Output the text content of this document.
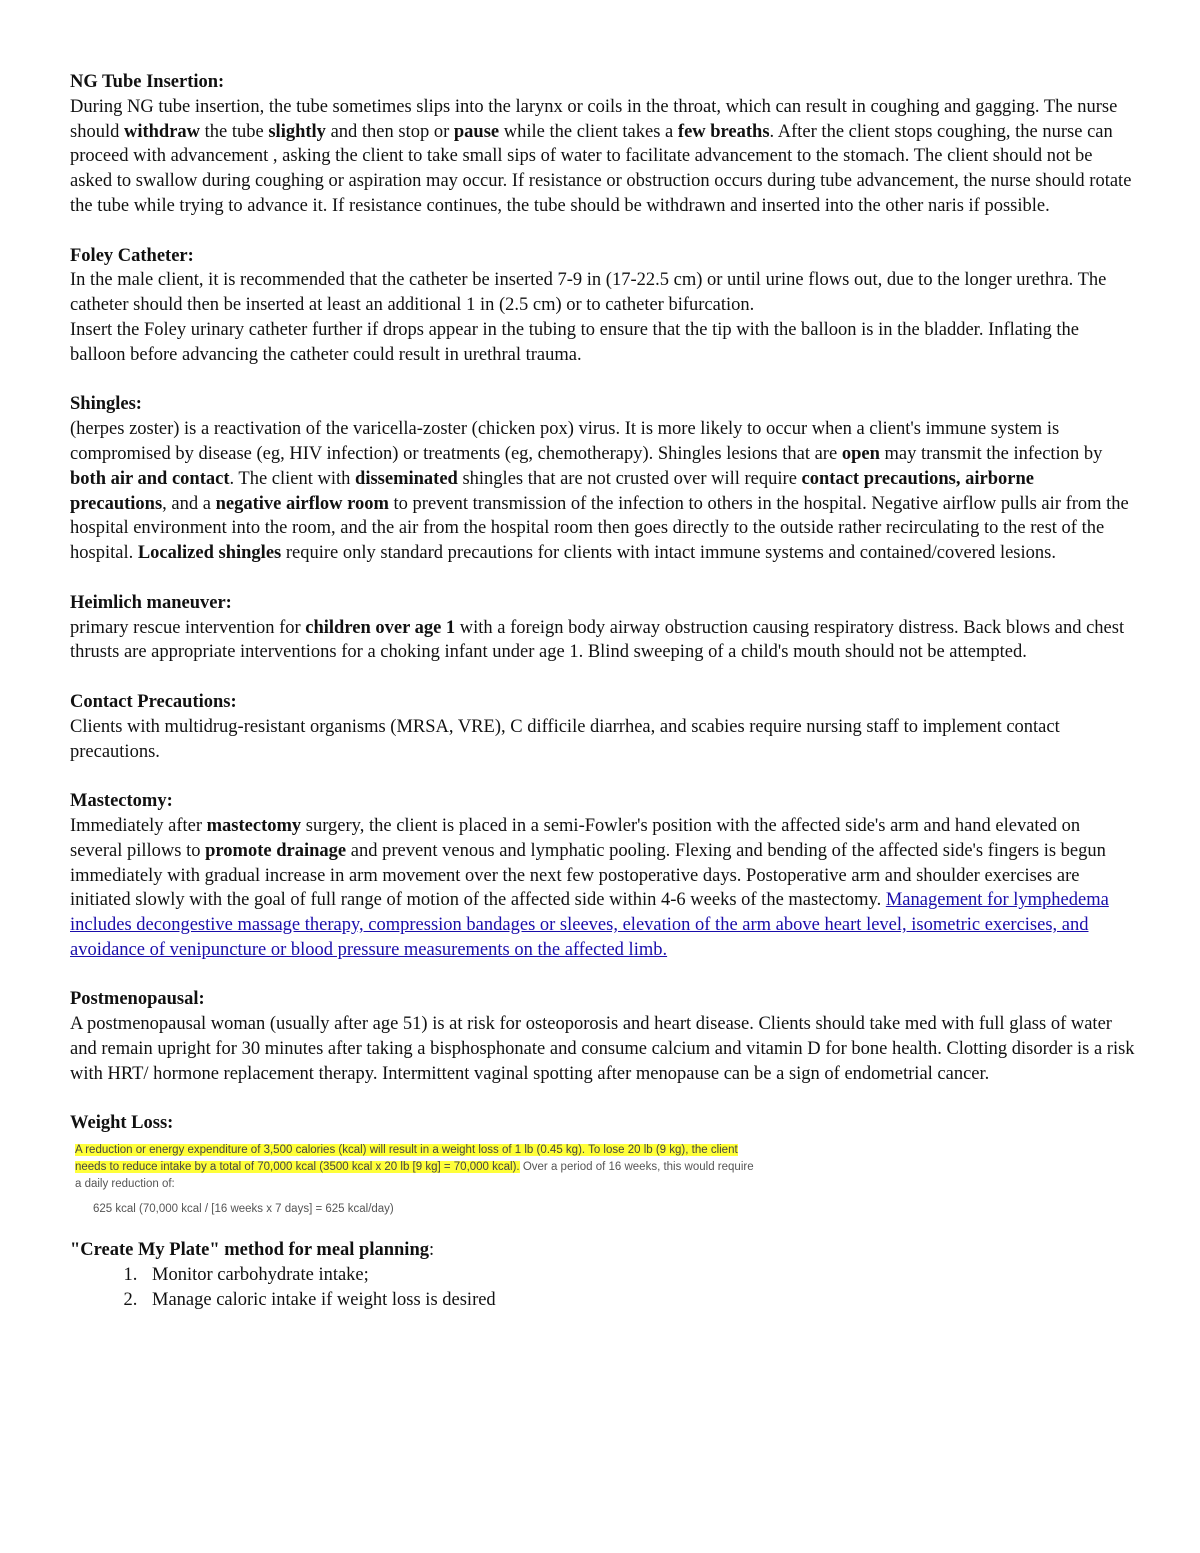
NG Tube Insertion:

During NG tube insertion, the tube sometimes slips into the larynx or coils in the throat, which can result in coughing and gagging. The nurse should withdraw the tube slightly and then stop or pause while the client takes a few breaths. After the client stops coughing, the nurse can proceed with advancement , asking the client to take small sips of water to facilitate advancement to the stomach. The client should not be asked to swallow during coughing or aspiration may occur. If resistance or obstruction occurs during tube advancement, the nurse should rotate the tube while trying to advance it. If resistance continues, the tube should be withdrawn and inserted into the other naris if possible.

Foley Catheter:

In the male client, it is recommended that the catheter be inserted 7-9 in (17-22.5 cm) or until urine flows out, due to the longer urethra. The catheter should then be inserted at least an additional 1 in (2.5 cm) or to catheter bifurcation.

Insert the Foley urinary catheter further if drops appear in the tubing to ensure that the tip with the balloon is in the bladder. Inflating the balloon before advancing the catheter could result in urethral trauma.

Shingles:

(herpes zoster) is a reactivation of the varicella-zoster (chicken pox) virus. It is more likely to occur when a client's immune system is compromised by disease (eg, HIV infection) or treatments (eg, chemotherapy). Shingles lesions that are open may transmit the infection by both air and contact. The client with disseminated shingles that are not crusted over will require contact precautions, airborne precautions, and a negative airflow room to prevent transmission of the infection to others in the hospital. Negative airflow pulls air from the hospital environment into the room, and the air from the hospital room then goes directly to the outside rather recirculating to the rest of the hospital. Localized shingles require only standard precautions for clients with intact immune systems and contained/covered lesions.

Heimlich maneuver:

primary rescue intervention for children over age 1 with a foreign body airway obstruction causing respiratory distress. Back blows and chest thrusts are appropriate interventions for a choking infant under age 1. Blind sweeping of a child's mouth should not be attempted.

Contact Precautions:

Clients with multidrug-resistant organisms (MRSA, VRE), C difficile diarrhea, and scabies require nursing staff to implement contact precautions.

Mastectomy:

Immediately after mastectomy surgery, the client is placed in a semi-Fowler's position with the affected side's arm and hand elevated on several pillows to promote drainage and prevent venous and lymphatic pooling. Flexing and bending of the affected side's fingers is begun immediately with gradual increase in arm movement over the next few postoperative days. Postoperative arm and shoulder exercises are initiated slowly with the goal of full range of motion of the affected side within 4-6 weeks of the mastectomy. Management for lymphedema includes decongestive massage therapy, compression bandages or sleeves, elevation of the arm above heart level, isometric exercises, and avoidance of venipuncture or blood pressure measurements on the affected limb.

Postmenopausal:

A postmenopausal woman (usually after age 51) is at risk for osteoporosis and heart disease. Clients should take med with full glass of water and remain upright for 30 minutes after taking a bisphosphonate and consume calcium and vitamin D for bone health. Clotting disorder is a risk with HRT/ hormone replacement therapy. Intermittent vaginal spotting after menopause can be a sign of endometrial cancer.

Weight Loss:
A reduction or energy expenditure of 3,500 calories (kcal) will result in a weight loss of 1 lb (0.45 kg). To lose 20 lb (9 kg), the client
needs to reduce intake by a total of 70,000 kcal (3500 kcal x 20 lb [9 kg] = 70,000 kcal). Over a period of 16 weeks, this would require
a daily reduction of:
625 kcal (70,000 kcal / [16 weeks x 7 days] = 625 kcal/day)
"Create My Plate" method for meal planning:
1. Monitor carbohydrate intake;
2. Manage caloric intake if weight loss is desired
